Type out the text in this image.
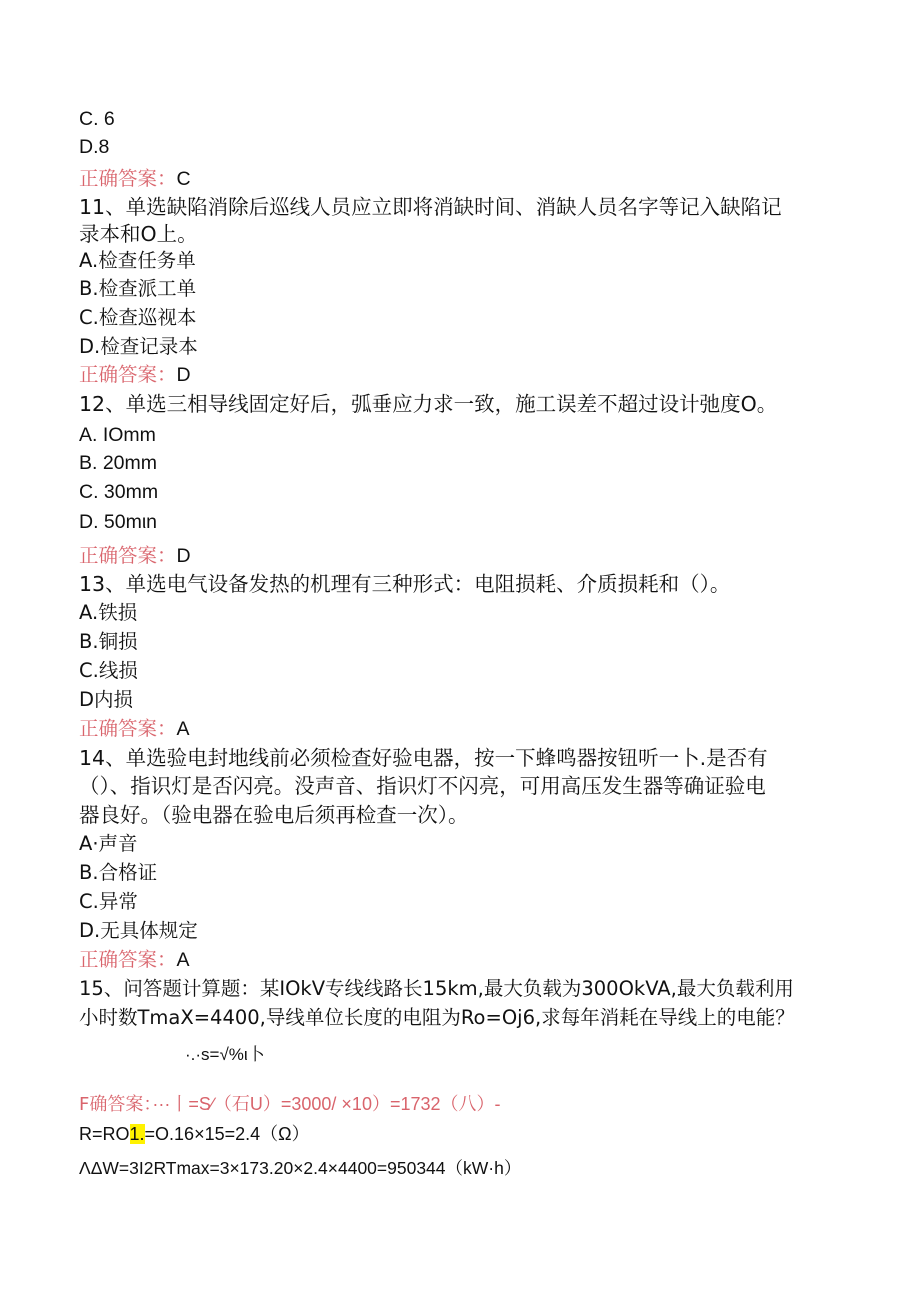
C. 6
D.8
正确答案：C
11、单选缺陷消除后巡线人员应立即将消缺时间、消缺人员名字等记入缺陷记
录本和O上。
A.检查任务单
B.检查派工单
C.检查巡视本
D.检查记录本
正确答案：D
12、单选三相导线固定好后，弧垂应力求一致，施工误差不超过设计弛度O。
A. IOmm
B. 20mm
C. 30mm
D. 50mιn
正确答案：D
13、单选电气设备发热的机理有三种形式：电阻损耗、介质损耗和（）。
A.铁损
B.铜损
C.线损
D内损
正确答案：A
14、单选验电封地线前必须检查好验电器，按一下蜂鸣器按钮听一卜.是否有
（）、指识灯是否闪亮。没声音、指识灯不闪亮，可用高压发生器等确证验电
器良好。（验电器在验电后须再检查一次）。
A·声音
B.合格证
C.异常
D.无具体规定
正确答案：A
15、问答题计算题：某IOkV专线线路长15km,最大负载为300OkVA,最大负载利用
小时数TmaX=4400,导线单位长度的电阻为Ro=Oj6,求每年消耗在导线上的电能？
·.·s=√%ι卜
F确答案：···丨=S∕（石U）=3000/ ×10）=1732（八）-
R=RO1.=O.16×15=2.4（Ω）
ΛΔW=3I2RTmax=3×173.20×2.4×4400=950344（kW·h）
